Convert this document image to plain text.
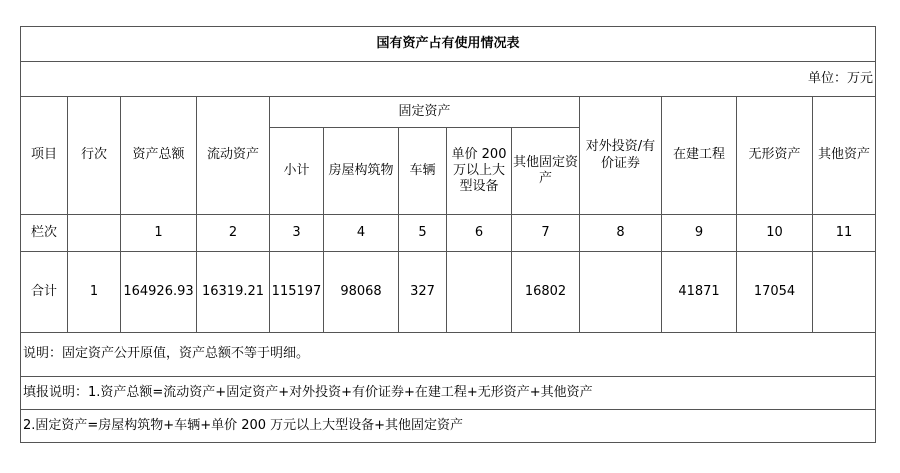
国有资产占有使用情况表												
单位：万元												
项目	行次	资产总额	流动资产	固定资产					对外投资/有价证券	在建工程	无形资产	其他资产
				小计	房屋构筑物	车辆	单价 200 万以上大型设备	其他固定资产				
栏次		1	2	3	4	5	6	7	8	9	10	11
合计	1	164926.93	16319.21	115197	98068	327		16802		41871	17054	
说明：固定资产公开原值，资产总额不等于明细。												
填报说明：1.资产总额=流动资产+固定资产+对外投资+有价证券+在建工程+无形资产+其他资产												
2.固定资产=房屋构筑物+车辆+单价 200 万元以上大型设备+其他固定资产												
